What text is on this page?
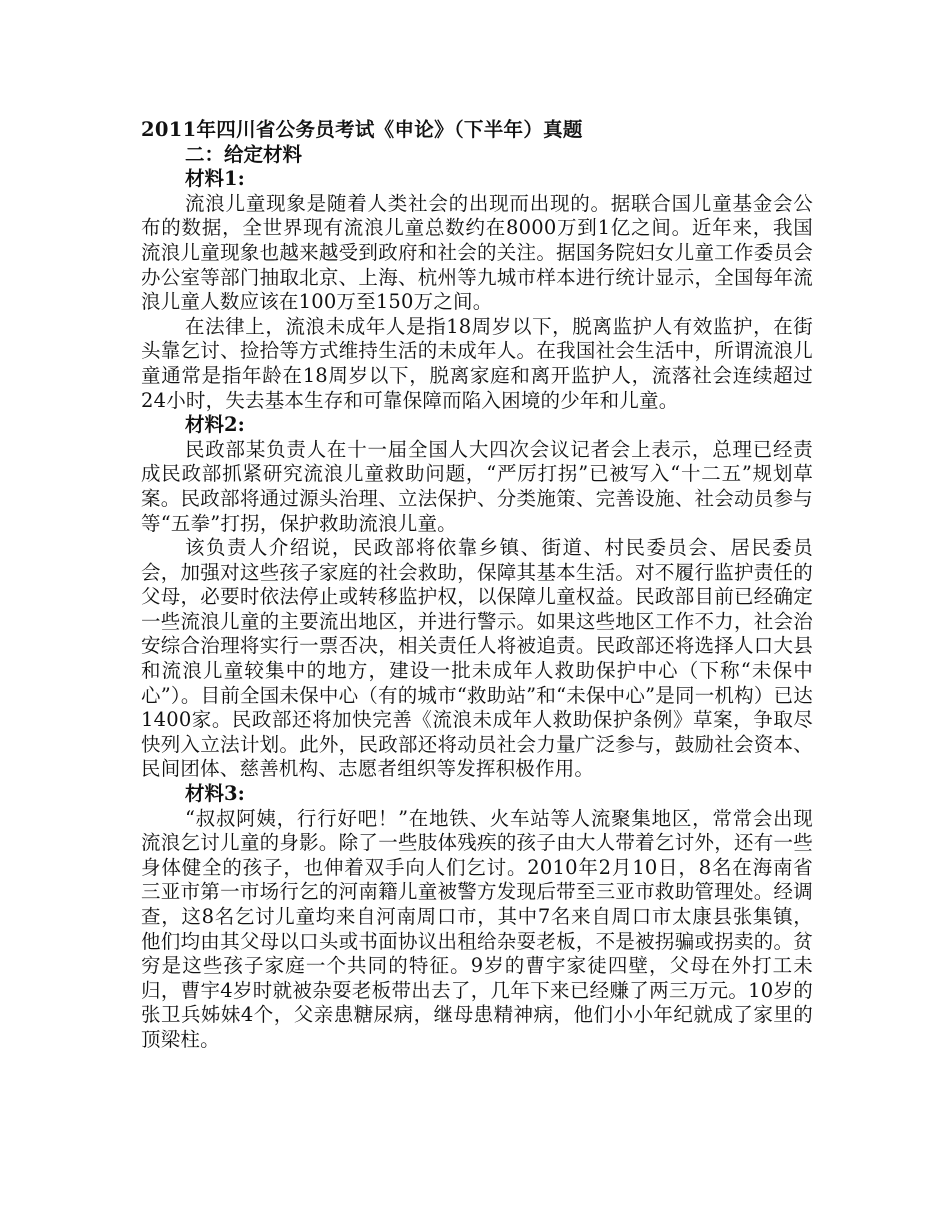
2011年四川省公务员考试《申论》（下半年）真题

二：给定材料

材料1:

流浪儿童现象是随着人类社会的出现而出现的。据联合国儿童基金会公布的数据，全世界现有流浪儿童总数约在8000万到1亿之间。近年来，我国流浪儿童现象也越来越受到政府和社会的关注。据国务院妇女儿童工作委员会办公室等部门抽取北京、上海、杭州等九城市样本进行统计显示，全国每年流浪儿童人数应该在100万至150万之间。

在法律上，流浪未成年人是指18周岁以下，脱离监护人有效监护，在街头靠乞讨、捡拾等方式维持生活的未成年人。在我国社会生活中，所谓流浪儿童通常是指年龄在18周岁以下，脱离家庭和离开监护人，流落社会连续超过24小时，失去基本生存和可靠保障而陷入困境的少年和儿童。

材料2:

民政部某负责人在十一届全国人大四次会议记者会上表示，总理已经责成民政部抓紧研究流浪儿童救助问题，“严厉打拐”已被写入“十二五”规划草案。民政部将通过源头治理、立法保护、分类施策、完善设施、社会动员参与等“五拳”打拐，保护救助流浪儿童。

该负责人介绍说，民政部将依靠乡镇、街道、村民委员会、居民委员会，加强对这些孩子家庭的社会救助，保障其基本生活。对不履行监护责任的父母，必要时依法停止或转移监护权，以保障儿童权益。民政部目前已经确定一些流浪儿童的主要流出地区，并进行警示。如果这些地区工作不力，社会治安综合治理将实行一票否决，相关责任人将被追责。民政部还将选择人口大县和流浪儿童较集中的地方，建设一批未成年人救助保护中心（下称“未保中心”）。目前全国未保中心（有的城市“救助站”和“未保中心”是同一机构）已达1400家。民政部还将加快完善《流浪未成年人救助保护条例》草案，争取尽快列入立法计划。此外，民政部还将动员社会力量广泛参与，鼓励社会资本、民间团体、慈善机构、志愿者组织等发挥积极作用。

材料3:

“叔叔阿姨，行行好吧！”在地铁、火车站等人流聚集地区，常常会出现流浪乞讨儿童的身影。除了一些肢体残疾的孩子由大人带着乞讨外，还有一些身体健全的孩子，也伸着双手向人们乞讨。2010年2月10日，8名在海南省三亚市第一市场行乞的河南籍儿童被警方发现后带至三亚市救助管理处。经调查，这8名乞讨儿童均来自河南周口市，其中7名来自周口市太康县张集镇，他们均由其父母以口头或书面协议出租给杂耍老板，不是被拐骗或拐卖的。贫穷是这些孩子家庭一个共同的特征。9岁的曹宇家徒四壁，父母在外打工未归，曹宇4岁时就被杂耍老板带出去了，几年下来已经赚了两三万元。10岁的张卫兵姊妹4个，父亲患糖尿病，继母患精神病，他们小小年纪就成了家里的顶梁柱。
